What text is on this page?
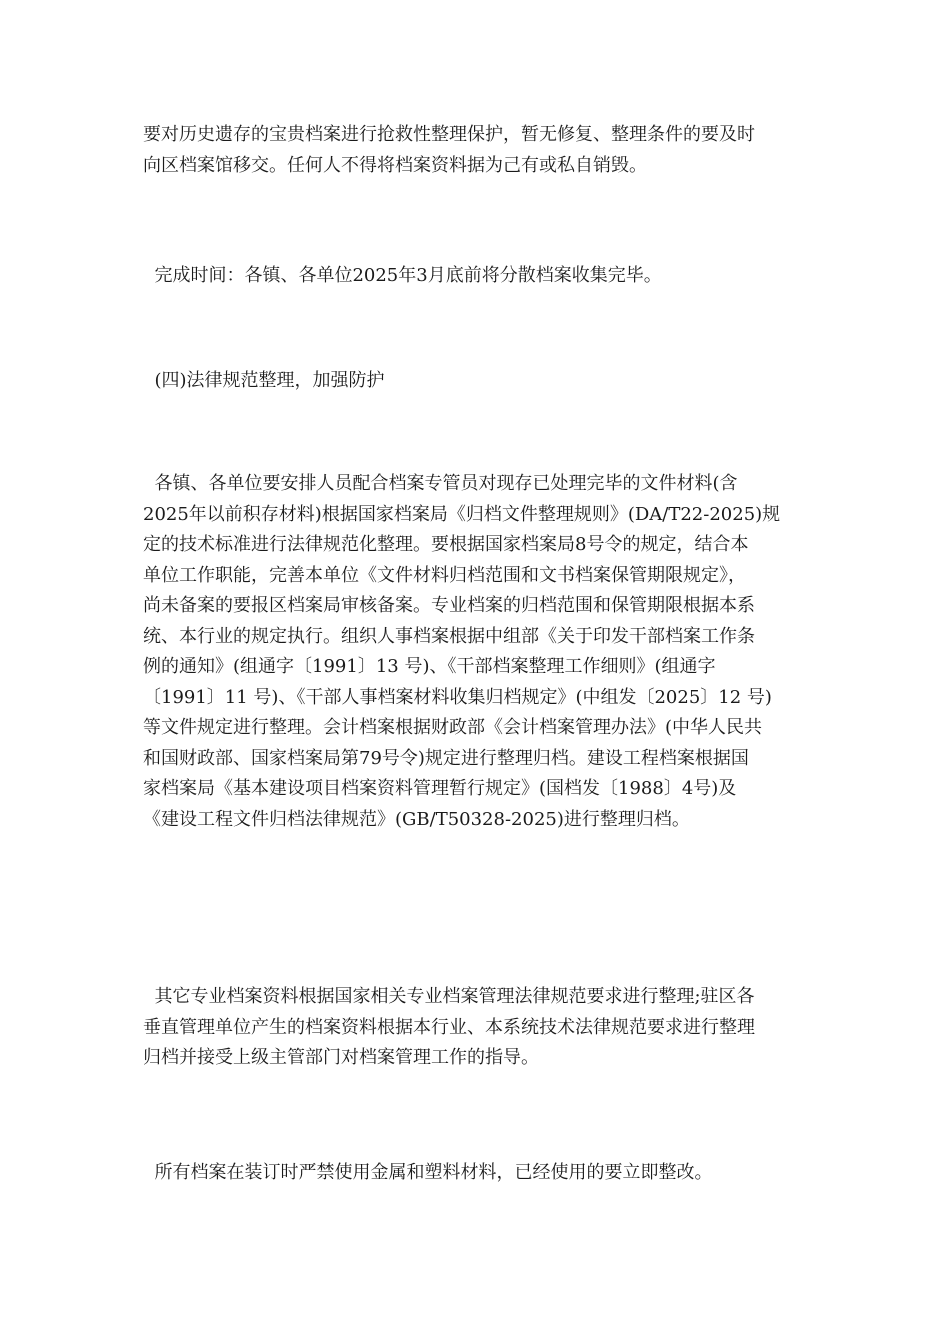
要对历史遗存的宝贵档案进行抢救性整理保护，暂无修复、整理条件的要及时
向区档案馆移交。任何人不得将档案资料据为己有或私自销毁。

完成时间：各镇、各单位2025年3月底前将分散档案收集完毕。

(四)法律规范整理，加强防护

各镇、各单位要安排人员配合档案专管员对现存已处理完毕的文件材料(含
2025年以前积存材料)根据国家档案局《归档文件整理规则》(DA/T22-2025)规
定的技术标准进行法律规范化整理。要根据国家档案局8号令的规定，结合本
单位工作职能，完善本单位《文件材料归档范围和文书档案保管期限规定》，
尚未备案的要报区档案局审核备案。专业档案的归档范围和保管期限根据本系
统、本行业的规定执行。组织人事档案根据中组部《关于印发干部档案工作条
例的通知》(组通字〔1991〕13 号)、《干部档案整理工作细则》(组通字
〔1991〕11 号)、《干部人事档案材料收集归档规定》(中组发〔2025〕12 号)
等文件规定进行整理。会计档案根据财政部《会计档案管理办法》(中华人民共
和国财政部、国家档案局第79号令)规定进行整理归档。建设工程档案根据国
家档案局《基本建设项目档案资料管理暂行规定》(国档发〔1988〕4号)及
《建设工程文件归档法律规范》(GB/T50328-2025)进行整理归档。

其它专业档案资料根据国家相关专业档案管理法律规范要求进行整理;驻区各
垂直管理单位产生的档案资料根据本行业、本系统技术法律规范要求进行整理
归档并接受上级主管部门对档案管理工作的指导。

所有档案在装订时严禁使用金属和塑料材料，已经使用的要立即整改。
